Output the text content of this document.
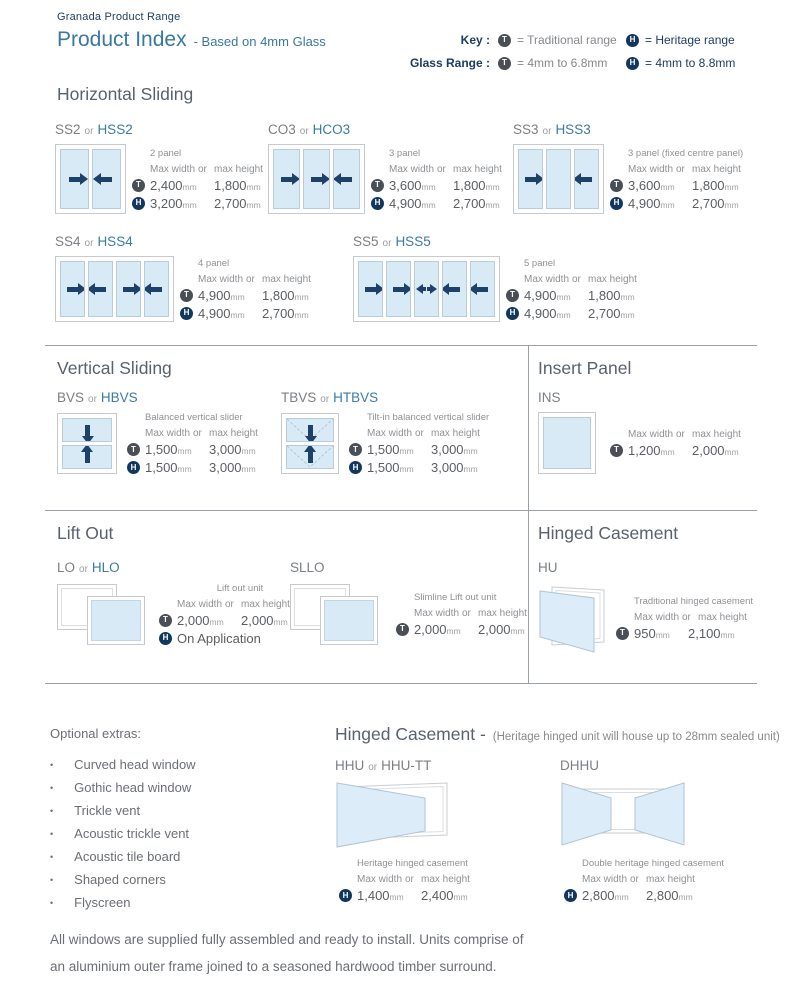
Granada Product Range
Product Index - Based on 4mm Glass	Key :	T = Traditional range	H = Heritage range
Glass Range :	T = 4mm to 6.8mm	H = 4mm to 8.8mm
Horizontal Sliding
SS2 or HSS2
2 panel
Max width or max height
T 2,400mm	1,800mm
H 3,200mm	2,700mm
CO3 or HCO3
3 panel
Max width or max height
T 3,600mm	1,800mm
H 4,900mm	2,700mm
SS3 or HSS3
3 panel (fixed centre panel)
Max width or max height
T 3,600mm	1,800mm
H 4,900mm	2,700mm
SS4 or HSS4
4 panel
Max width or max height
T 4,900mm	1,800mm
H 4,900mm	2,700mm
SS5 or HSS5
5 panel
Max width or max height
T 4,900mm	1,800mm
H 4,900mm	2,700mm
Vertical Sliding
BVS or HBVS
Balanced vertical slider
Max width or max height
T 1,500mm	3,000mm
H 1,500mm	3,000mm
TBVS or HTBVS
Tilt-in balanced vertical slider
Max width or max height
T 1,500mm	3,000mm
H 1,500mm	3,000mm
Insert Panel
INS
Max width or max height
T 1,200mm	2,000mm
Lift Out
LO or HLO
Lift out unit
Max width or max height
T 2,000mm	2,000mm
H On Application
SLLO
Slimline Lift out unit
Max width or max height
T 2,000mm	2,000mm
Hinged Casement
HU
Traditional hinged casement
Max width or max height
T 950mm	2,100mm
Optional extras:
• Curved head window
• Gothic head window
• Trickle vent
• Acoustic trickle vent
• Acoustic tile board
• Shaped corners
• Flyscreen
Hinged Casement - (Heritage hinged unit will house up to 28mm sealed unit)
HHU or HHU-TT
Heritage hinged casement
Max width or max height
H 1,400mm	2,400mm
DHHU
Double heritage hinged casement
Max width or max height
H 2,800mm	2,800mm
All windows are supplied fully assembled and ready to install. Units comprise of
an aluminium outer frame joined to a seasoned hardwood timber surround.
